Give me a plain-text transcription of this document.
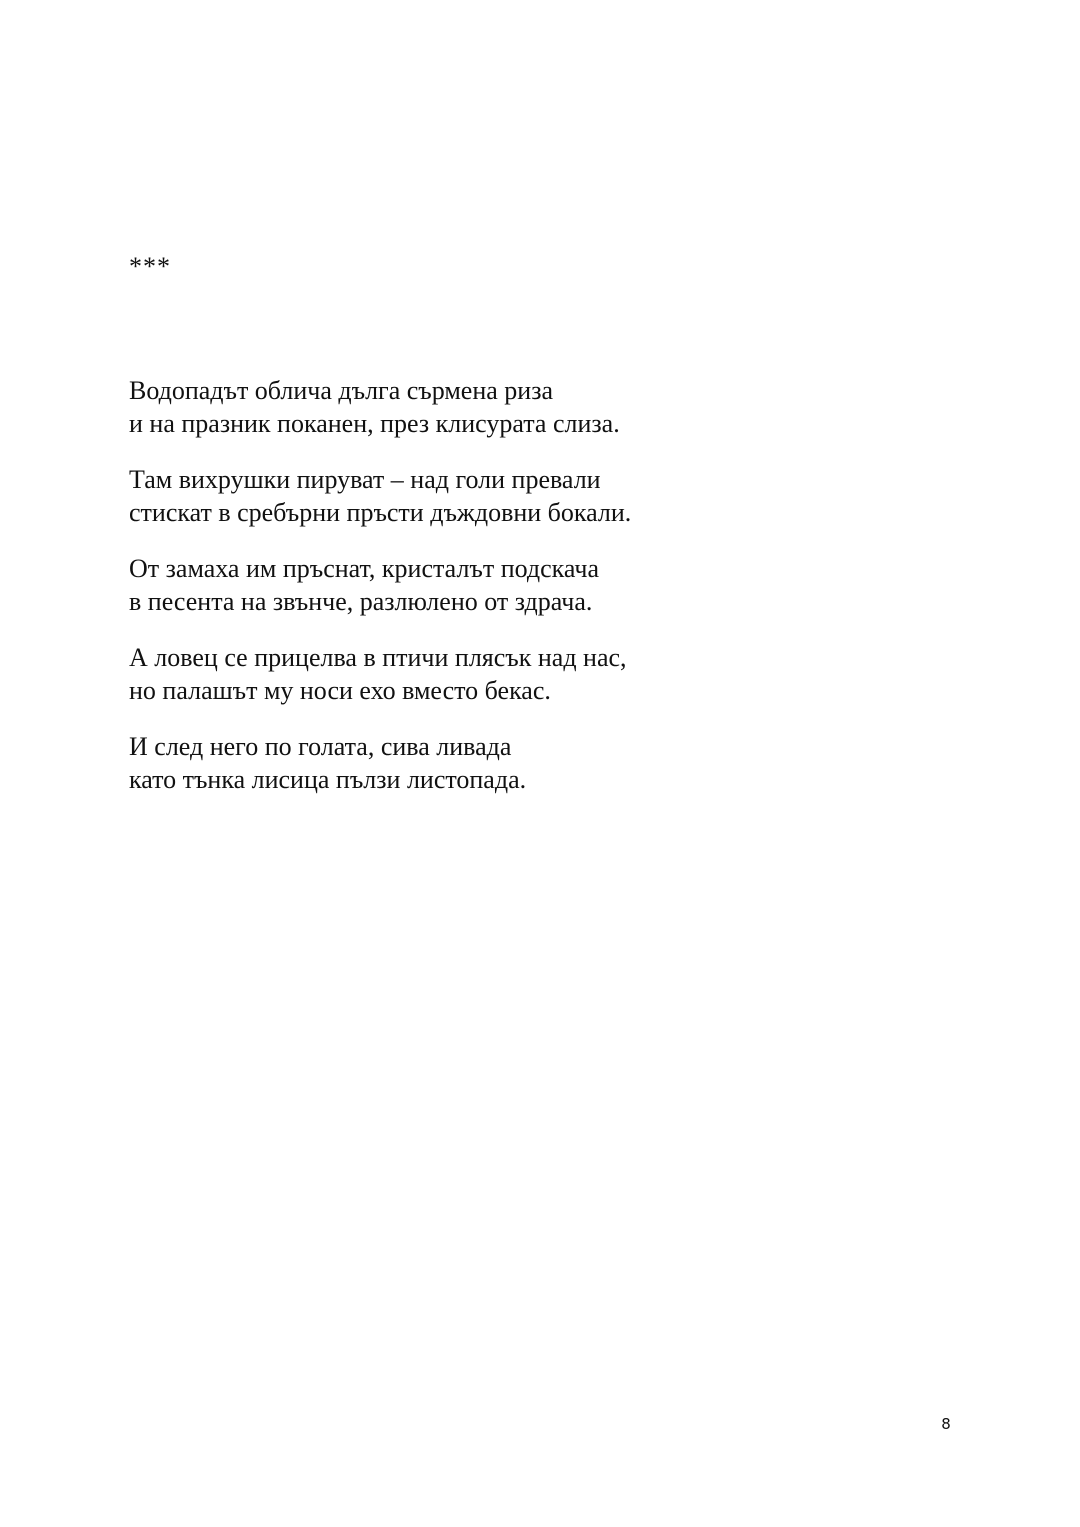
***
Водопадът облича дълга сърмена риза
и на празник поканен, през клисурата слиза.
Там вихрушки пируват – над голи превали
стискат в сребърни пръсти дъждовни бокали.
От замаха им пръснат, кристалът подскача
в песента на звънче, разлюлено от здрача.
А ловец се прицелва в птичи плясък над нас,
но палашът му носи ехо вместо бекас.
И след него по голата, сива ливада
като тънка лисица пълзи листопада.
8
